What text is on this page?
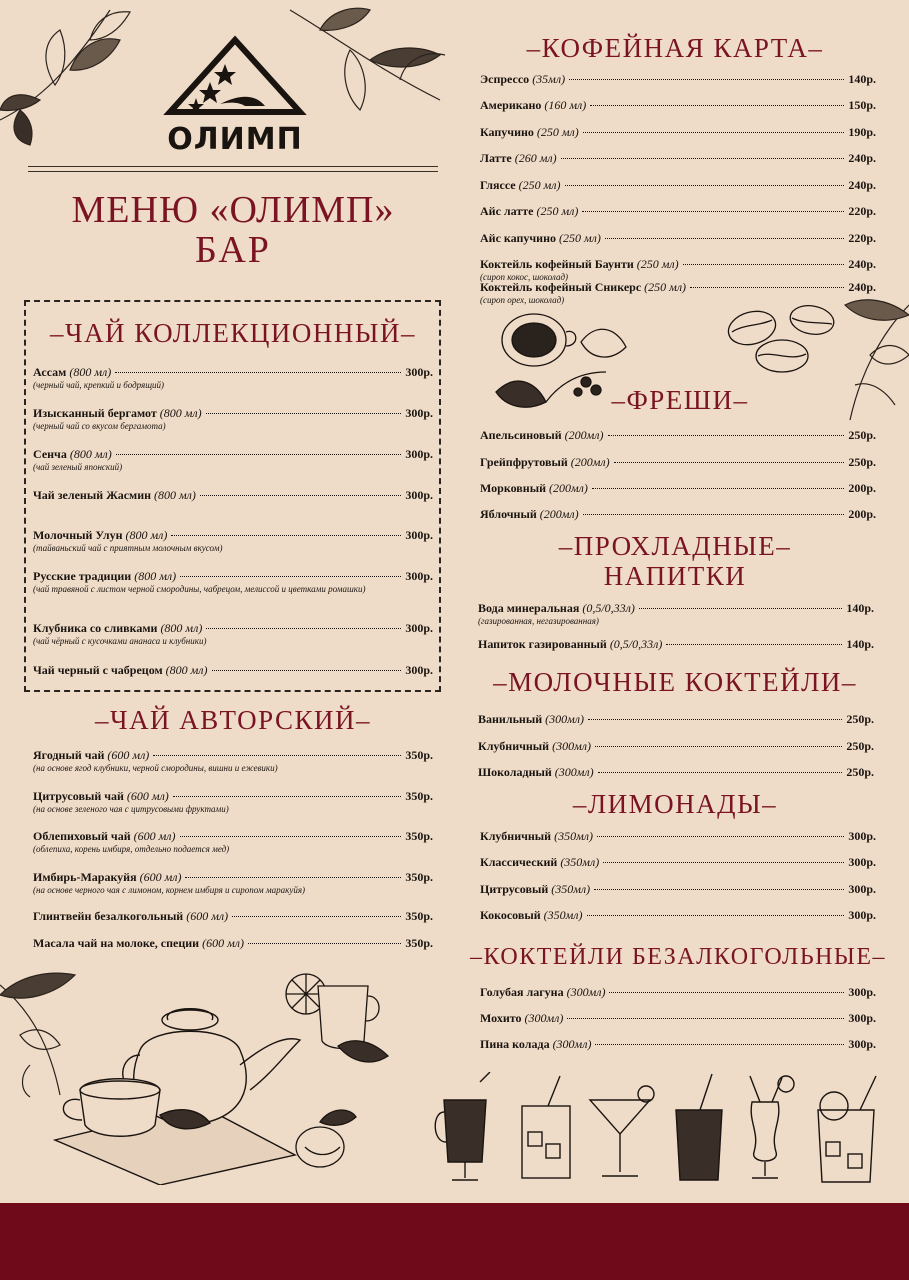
ОЛИМП
МЕНЮ «ОЛИМП»
БАР
–ЧАЙ КОЛЛЕКЦИОННЫЙ–
Ассам (800 мл)	300р.
(черный чай, крепкий и бодрящий)
Изысканный бергамот (800 мл)	300р.
(черный чай со вкусом бергамота)
Сенча (800 мл)	300р.
(чай зеленый японский)
Чай зеленый Жасмин (800 мл)	300р.
Молочный Улун (800 мл)	300р.
(тайваньский чай с приятным молочным вкусом)
Русские традиции (800 мл)	300р.
(чай травяной с листом черной смородины, чабрецом, мелиссой и цветками ромашки)
Клубника со сливками (800 мл)	300р.
(чай чёрный с кусочками ананаса и клубники)
Чай черный с чабрецом (800 мл)	300р.
–ЧАЙ АВТОРСКИЙ–
Ягодный чай (600 мл)	350р.
(на основе ягод клубники, черной смородины, вишни и ежевики)
Цитрусовый чай (600 мл)	350р.
(на основе зеленого чая с цитрусовыми фруктами)
Облепиховый чай (600 мл)	350р.
(облепиха, корень имбиря, отдельно подается мед)
Имбирь-Маракуйя (600 мл)	350р.
(на основе черного чая с лимоном, корнем имбиря и сиропом маракуйя)
Глинтвейн безалкогольный (600 мл)	350р.
Масала чай на молоке, специи (600 мл)	350р.
–КОФЕЙНАЯ КАРТА–
Эспрессо (35мл)	140р.
Американо (160 мл)	150р.
Капучино (250 мл)	190р.
Латте (260 мл)	240р.
Гляссе (250 мл)	240р.
Айс латте (250 мл)	220р.
Айс капучино (250 мл)	220р.
Коктейль кофейный Баунти (250 мл)	240р.
(сироп кокос, шоколад)
Коктейль кофейный Сникерс (250 мл)	240р.
(сироп орех, шоколад)
–ФРЕШИ–
Апельсиновый (200мл)	250р.
Грейпфрутовый (200мл)	250р.
Морковный (200мл)	200р.
Яблочный (200мл)	200р.
–ПРОХЛАДНЫЕ–
НАПИТКИ
Вода минеральная (0,5/0,33л)	140р.
(газированная, негазированная)
Напиток газированный (0,5/0,33л)	140р.
–МОЛОЧНЫЕ КОКТЕЙЛИ–
Ванильный (300мл)	250р.
Клубничный (300мл)	250р.
Шоколадный (300мл)	250р.
–ЛИМОНАДЫ–
Клубничный (350мл)	300р.
Классический (350мл)	300р.
Цитрусовый (350мл)	300р.
Кокосовый (350мл)	300р.
–КОКТЕЙЛИ БЕЗАЛКОГОЛЬНЫЕ–
Голубая лагуна (300мл)	300р.
Мохито (300мл)	300р.
Пина колада (300мл)	300р.
